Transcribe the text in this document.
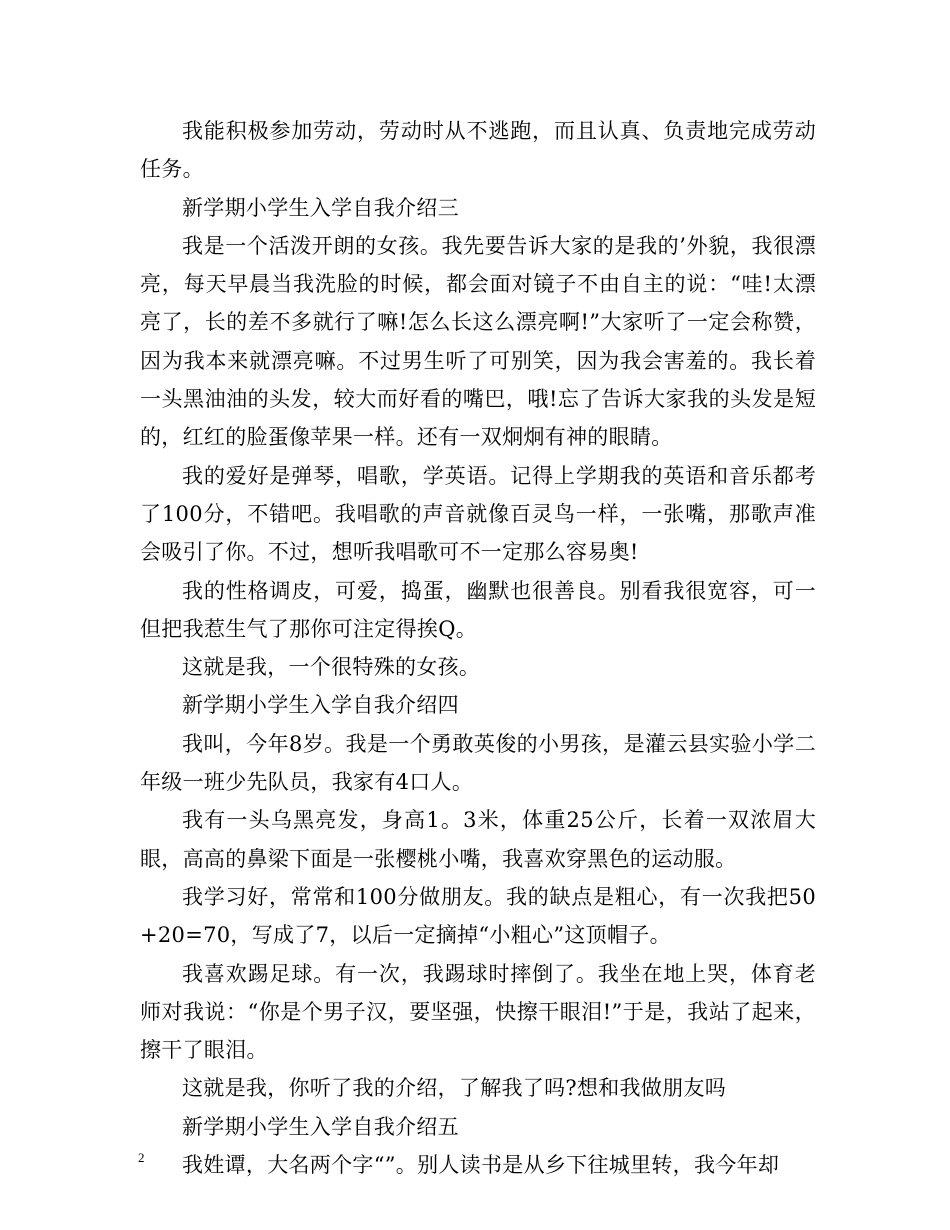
我能积极参加劳动，劳动时从不逃跑，而且认真、负责地完成劳动任务。

新学期小学生入学自我介绍三

我是一个活泼开朗的女孩。我先要告诉大家的是我的’外貌，我很漂亮，每天早晨当我洗脸的时候，都会面对镜子不由自主的说：“哇!太漂亮了，长的差不多就行了嘛!怎么长这么漂亮啊!”大家听了一定会称赞，因为我本来就漂亮嘛。不过男生听了可别笑，因为我会害羞的。我长着一头黑油油的头发，较大而好看的嘴巴，哦!忘了告诉大家我的头发是短的，红红的脸蛋像苹果一样。还有一双炯炯有神的眼睛。

我的爱好是弹琴，唱歌，学英语。记得上学期我的英语和音乐都考了100分，不错吧。我唱歌的声音就像百灵鸟一样，一张嘴，那歌声准会吸引了你。不过，想听我唱歌可不一定那么容易奥!

我的性格调皮，可爱，捣蛋，幽默也很善良。别看我很宽容，可一但把我惹生气了那你可注定得挨Q。

这就是我，一个很特殊的女孩。

新学期小学生入学自我介绍四

我叫，今年8岁。我是一个勇敢英俊的小男孩，是灌云县实验小学二年级一班少先队员，我家有4口人。

我有一头乌黑亮发，身高1。3米，体重25公斤，长着一双浓眉大眼，高高的鼻梁下面是一张樱桃小嘴，我喜欢穿黑色的运动服。

我学习好，常常和100分做朋友。我的缺点是粗心，有一次我把50+20=70，写成了7，以后一定摘掉“小粗心”这顶帽子。

我喜欢踢足球。有一次，我踢球时摔倒了。我坐在地上哭，体育老师对我说：“你是个男子汉，要坚强，快擦干眼泪!”于是，我站了起来，擦干了眼泪。

这就是我，你听了我的介绍，了解我了吗?想和我做朋友吗

新学期小学生入学自我介绍五

我姓谭，大名两个字“”。别人读书是从乡下往城里转，我今年却

2
